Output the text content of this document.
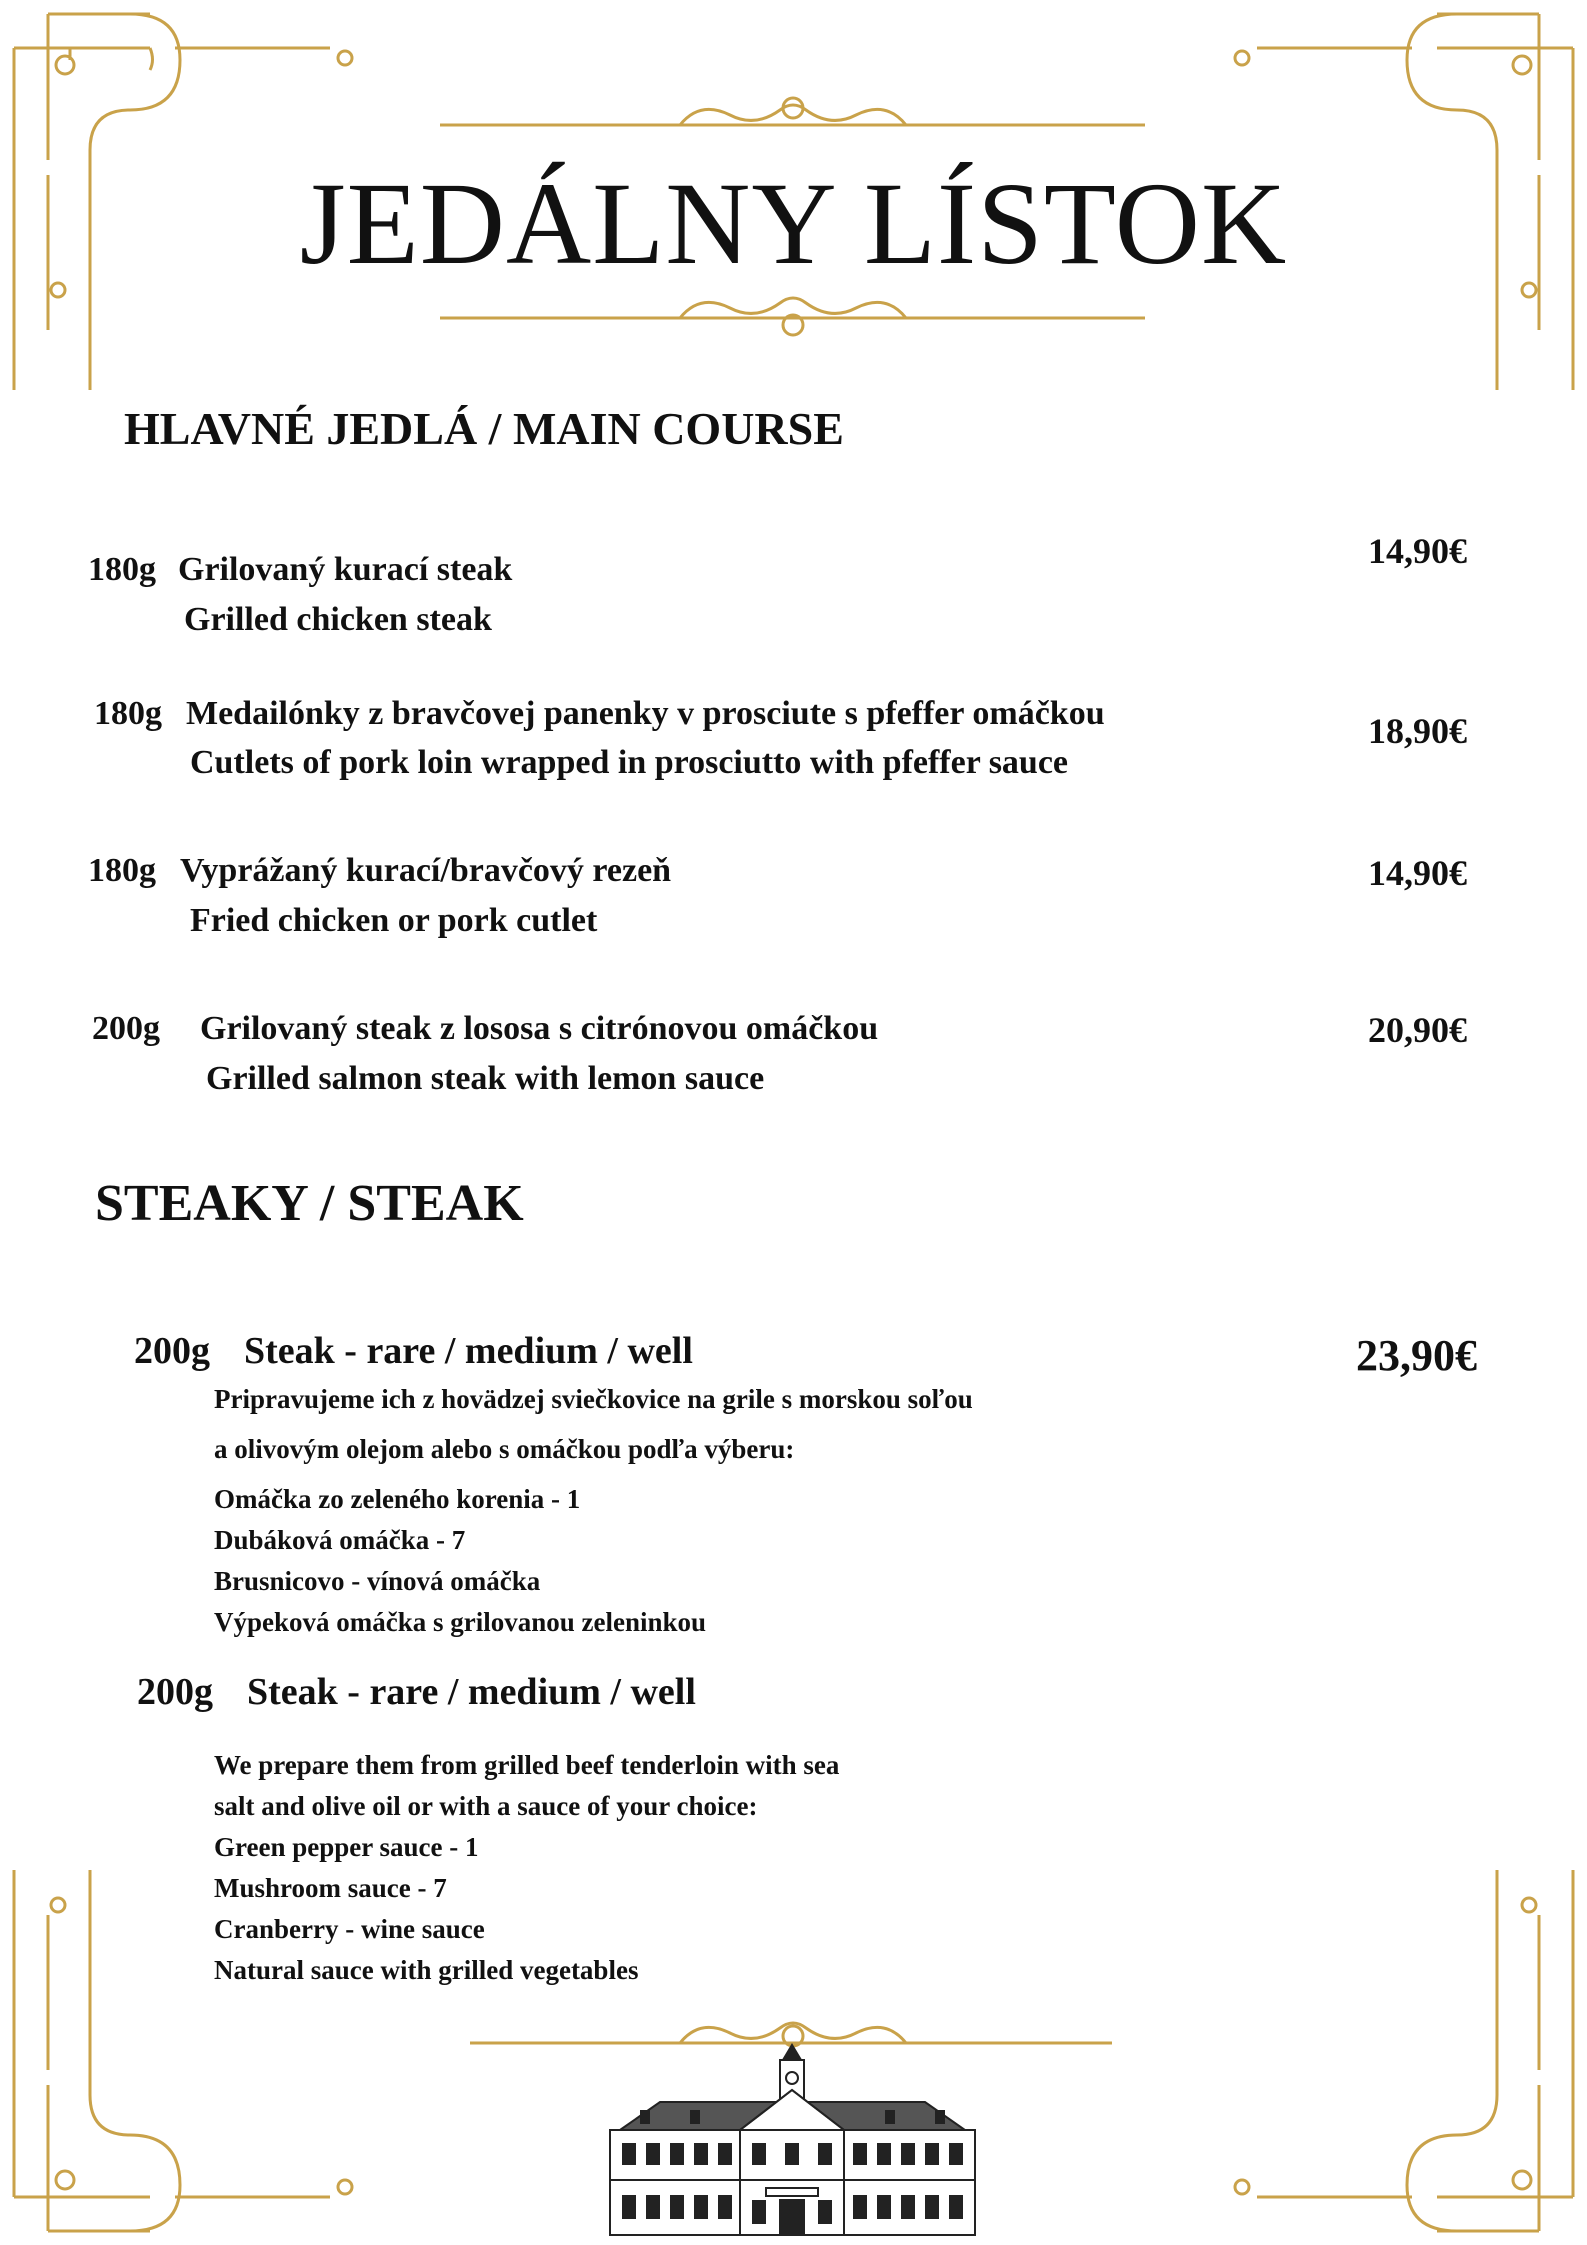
JEDÁLNY LÍSTOK
HLAVNÉ JEDLÁ / MAIN COURSE
180g Grilovaný kurací steak
Grilled chicken steak
14,90€
180g Medailónky z bravčovej panenky v prosciute s pfeffer omáčkou
Cutlets of pork loin wrapped in prosciutto with pfeffer sauce
18,90€
180g Vyprážaný kurací/bravčový rezeň
Fried chicken or pork cutlet
14,90€
200g Grilovaný steak z lososa s citrónovou omáčkou
Grilled salmon steak with lemon sauce
20,90€
STEAKY / STEAK
200g Steak - rare / medium / well	23,90€
Pripravujeme ich z hovädzej sviečkovice na grile s morskou soľou
a olivovým olejom alebo s omáčkou podľa výberu:
Omáčka zo zeleného korenia - 1
Dubáková omáčka - 7
Brusnicovo - vínová omáčka
Výpeková omáčka s grilovanou zeleninkou
200g Steak - rare / medium / well
We prepare them from grilled beef tenderloin with sea
salt and olive oil or with a sauce of your choice:
Green pepper sauce - 1
Mushroom sauce - 7
Cranberry - wine sauce
Natural sauce with grilled vegetables
